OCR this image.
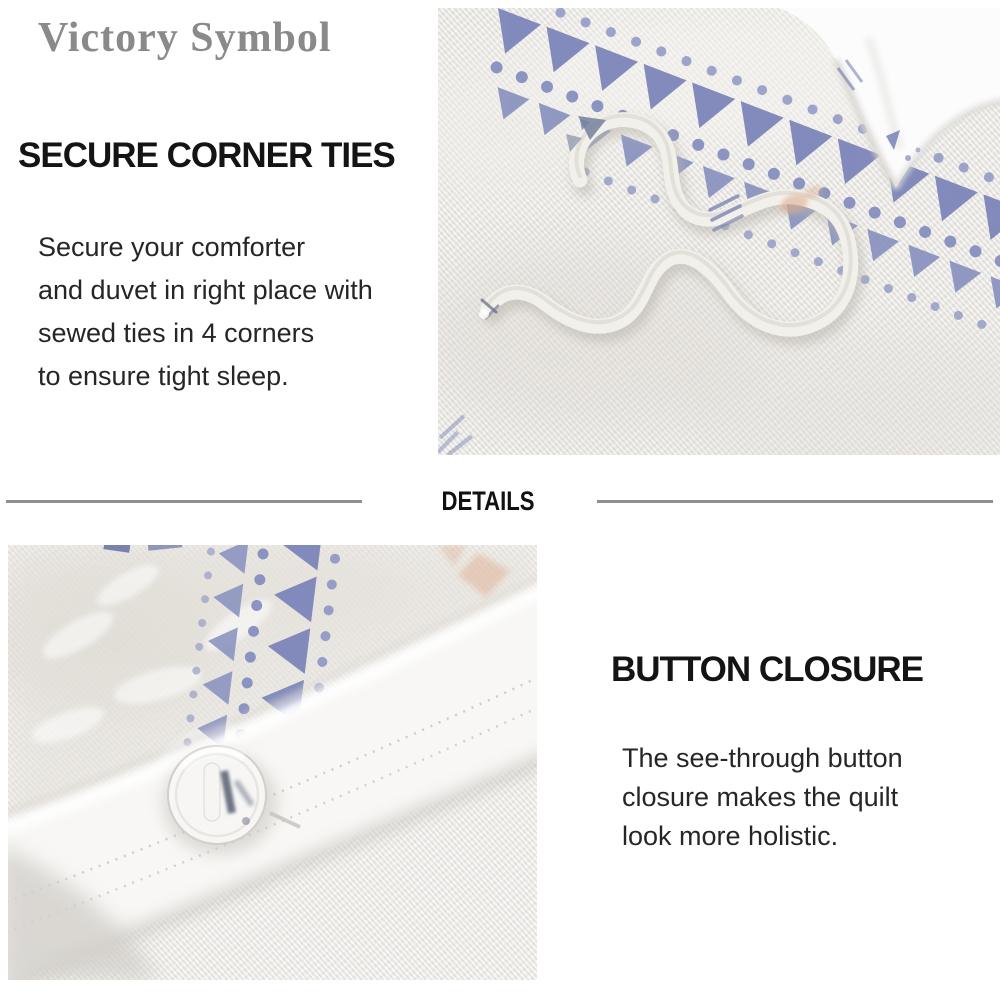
Victory Symbol
SECURE CORNER TIES
Secure your comforter
and duvet in right place with
sewed ties in 4 corners
to ensure tight sleep.
DETAILS
BUTTON CLOSURE
The see-through button
closure makes the quilt
look more holistic.
